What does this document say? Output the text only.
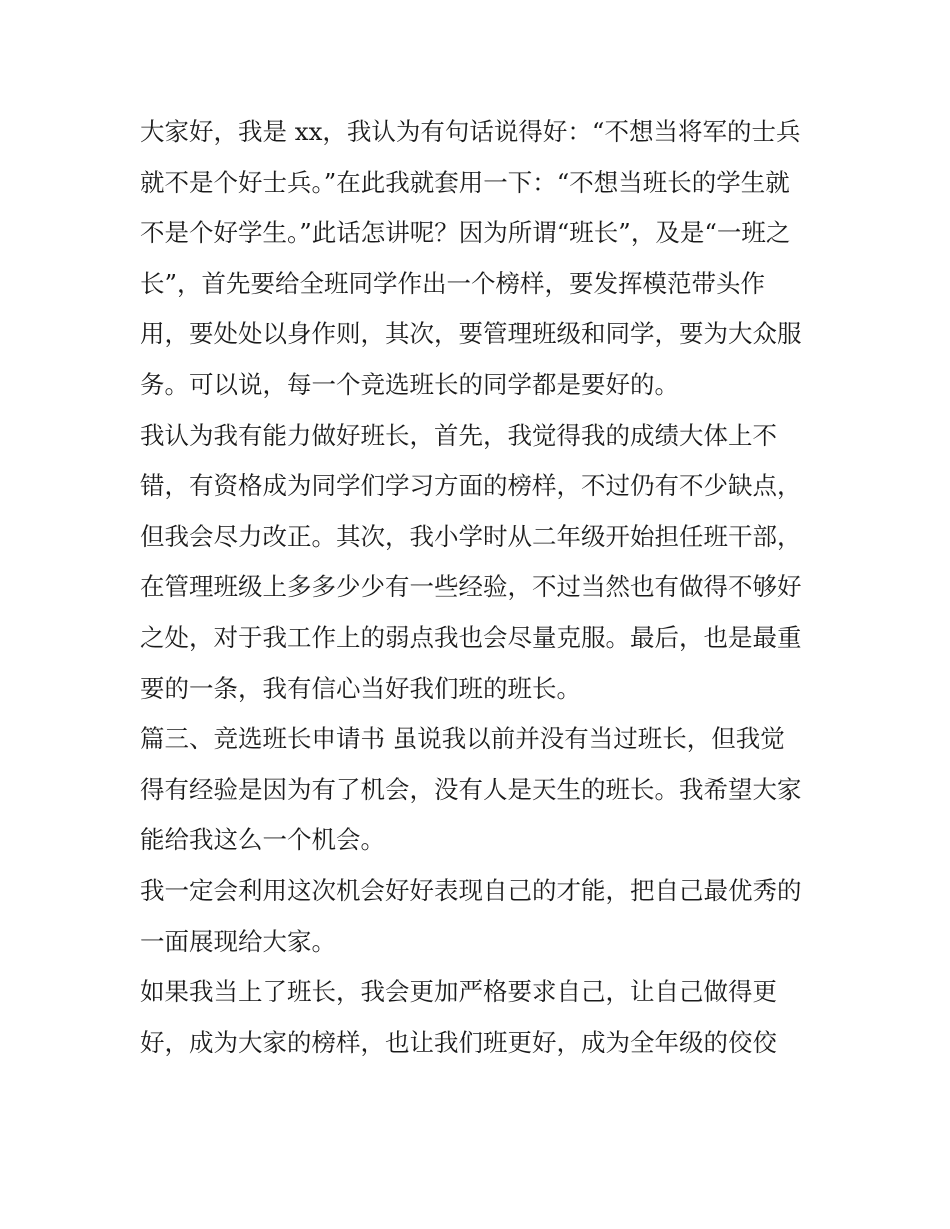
大家好，我是 xx，我认为有句话说得好：“不想当将军的士兵
就不是个好士兵。”在此我就套用一下：“不想当班长的学生就
不是个好学生。”此话怎讲呢？因为所谓“班长”，及是“一班之
长”，首先要给全班同学作出一个榜样，要发挥模范带头作
用，要处处以身作则，其次，要管理班级和同学，要为大众服
务。可以说，每一个竞选班长的同学都是要好的。
我认为我有能力做好班长，首先，我觉得我的成绩大体上不
错，有资格成为同学们学习方面的榜样，不过仍有不少缺点，
但我会尽力改正。其次，我小学时从二年级开始担任班干部，
在管理班级上多多少少有一些经验，不过当然也有做得不够好
之处，对于我工作上的弱点我也会尽量克服。最后，也是最重
要的一条，我有信心当好我们班的班长。
篇三、竞选班长申请书 虽说我以前并没有当过班长，但我觉
得有经验是因为有了机会，没有人是天生的班长。我希望大家
能给我这么一个机会。
我一定会利用这次机会好好表现自己的才能，把自己最优秀的
一面展现给大家。
如果我当上了班长，我会更加严格要求自己，让自己做得更
好，成为大家的榜样，也让我们班更好，成为全年级的佼佼
